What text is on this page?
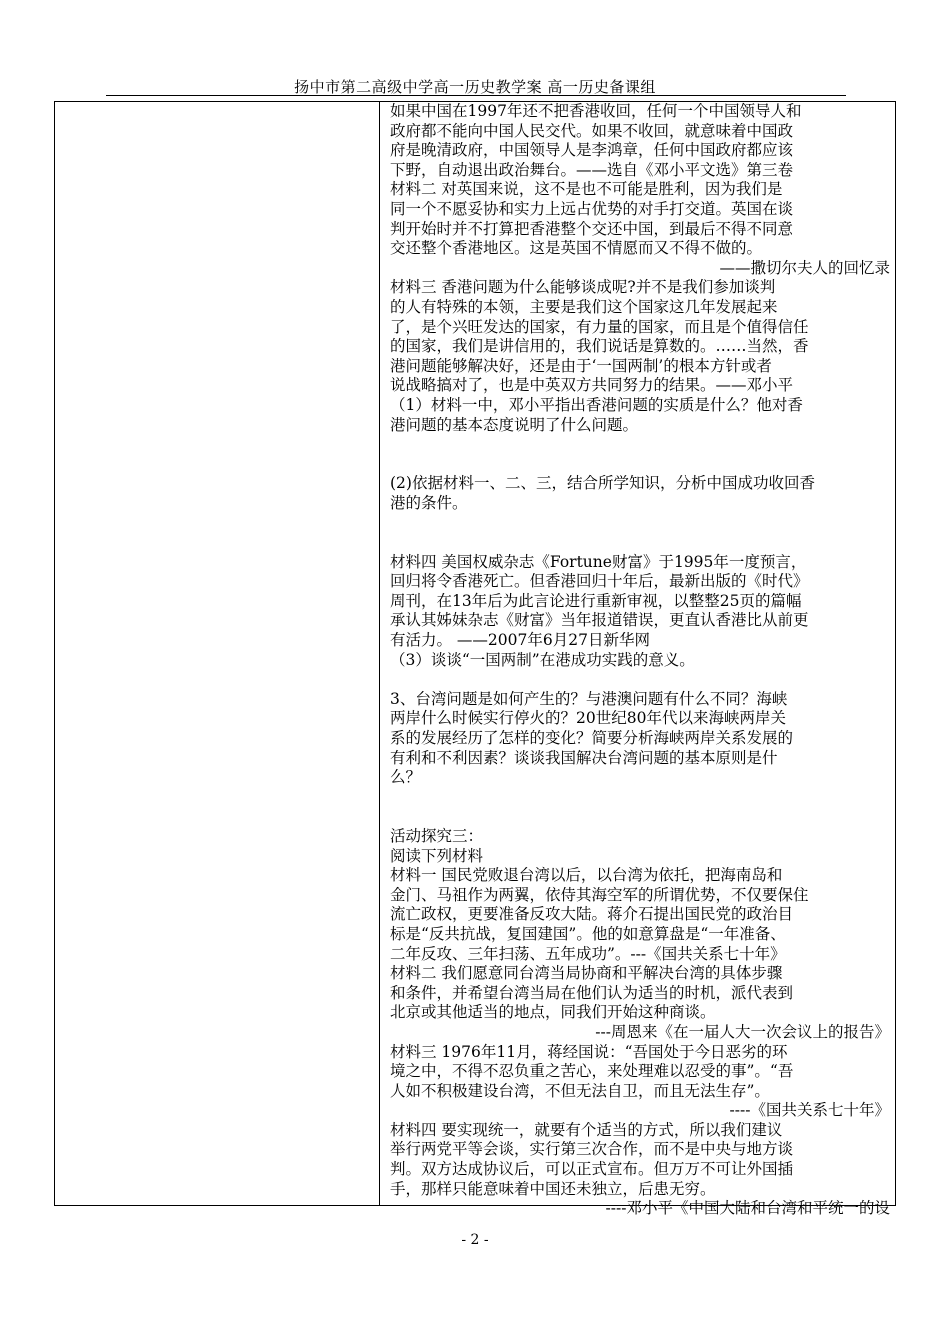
扬中市第二高级中学高一历史教学案 高一历史备课组
如果中国在1997年还不把香港收回，任何一个中国领导人和
政府都不能向中国人民交代。如果不收回，就意味着中国政
府是晚清政府，中国领导人是李鸿章，任何中国政府都应该
下野，自动退出政治舞台。——选自《邓小平文选》第三卷
材料二 对英国来说，这不是也不可能是胜利，因为我们是
同一个不愿妥协和实力上远占优势的对手打交道。英国在谈
判开始时并不打算把香港整个交还中国，到最后不得不同意
交还整个香港地区。这是英国不情愿而又不得不做的。
——撒切尔夫人的回忆录
材料三 香港问题为什么能够谈成呢?并不是我们参加谈判
的人有特殊的本领，主要是我们这个国家这几年发展起来
了，是个兴旺发达的国家，有力量的国家，而且是个值得信任
的国家，我们是讲信用的，我们说话是算数的。……当然，香
港问题能够解决好，还是由于‘一国两制’的根本方针或者
说战略搞对了，也是中英双方共同努力的结果。——邓小平
（1）材料一中，邓小平指出香港问题的实质是什么？他对香
港问题的基本态度说明了什么问题。
(2)依据材料一、二、三，结合所学知识，分析中国成功收回香
港的条件。
材料四 美国权威杂志《Fortune财富》于1995年一度预言，
回归将令香港死亡。但香港回归十年后，最新出版的《时代》
周刊，在13年后为此言论进行重新审视，以整整25页的篇幅
承认其姊妹杂志《财富》当年报道错误，更直认香港比从前更
有活力。 ——2007年6月27日新华网
（3）谈谈“一国两制”在港成功实践的意义。
3、台湾问题是如何产生的？与港澳问题有什么不同？海峡
两岸什么时候实行停火的？20世纪80年代以来海峡两岸关
系的发展经历了怎样的变化？简要分析海峡两岸关系发展的
有利和不利因素？谈谈我国解决台湾问题的基本原则是什
么？
活动探究三：
阅读下列材料
材料一 国民党败退台湾以后，以台湾为依托，把海南岛和
金门、马祖作为两翼，依侍其海空军的所谓优势，不仅要保住
流亡政权，更要准备反攻大陆。蒋介石提出国民党的政治目
标是“反共抗战，复国建国”。他的如意算盘是“一年准备、
二年反攻、三年扫荡、五年成功”。---《国共关系七十年》
材料二 我们愿意同台湾当局协商和平解决台湾的具体步骤
和条件，并希望台湾当局在他们认为适当的时机，派代表到
北京或其他适当的地点，同我们开始这种商谈。
---周恩来《在一届人大一次会议上的报告》
材料三 1976年11月，蒋经国说：“吾国处于今日恶劣的环
境之中，不得不忍负重之苦心，来处理难以忍受的事”。“吾
人如不积极建设台湾，不但无法自卫，而且无法生存”。
----《国共关系七十年》
材料四 要实现统一，就要有个适当的方式，所以我们建议
举行两党平等会谈，实行第三次合作，而不是中央与地方谈
判。双方达成协议后，可以正式宣布。但万万不可让外国插
手，那样只能意味着中国还未独立，后患无穷。
----邓小平《中国大陆和台湾和平统一的设
- 2 -
